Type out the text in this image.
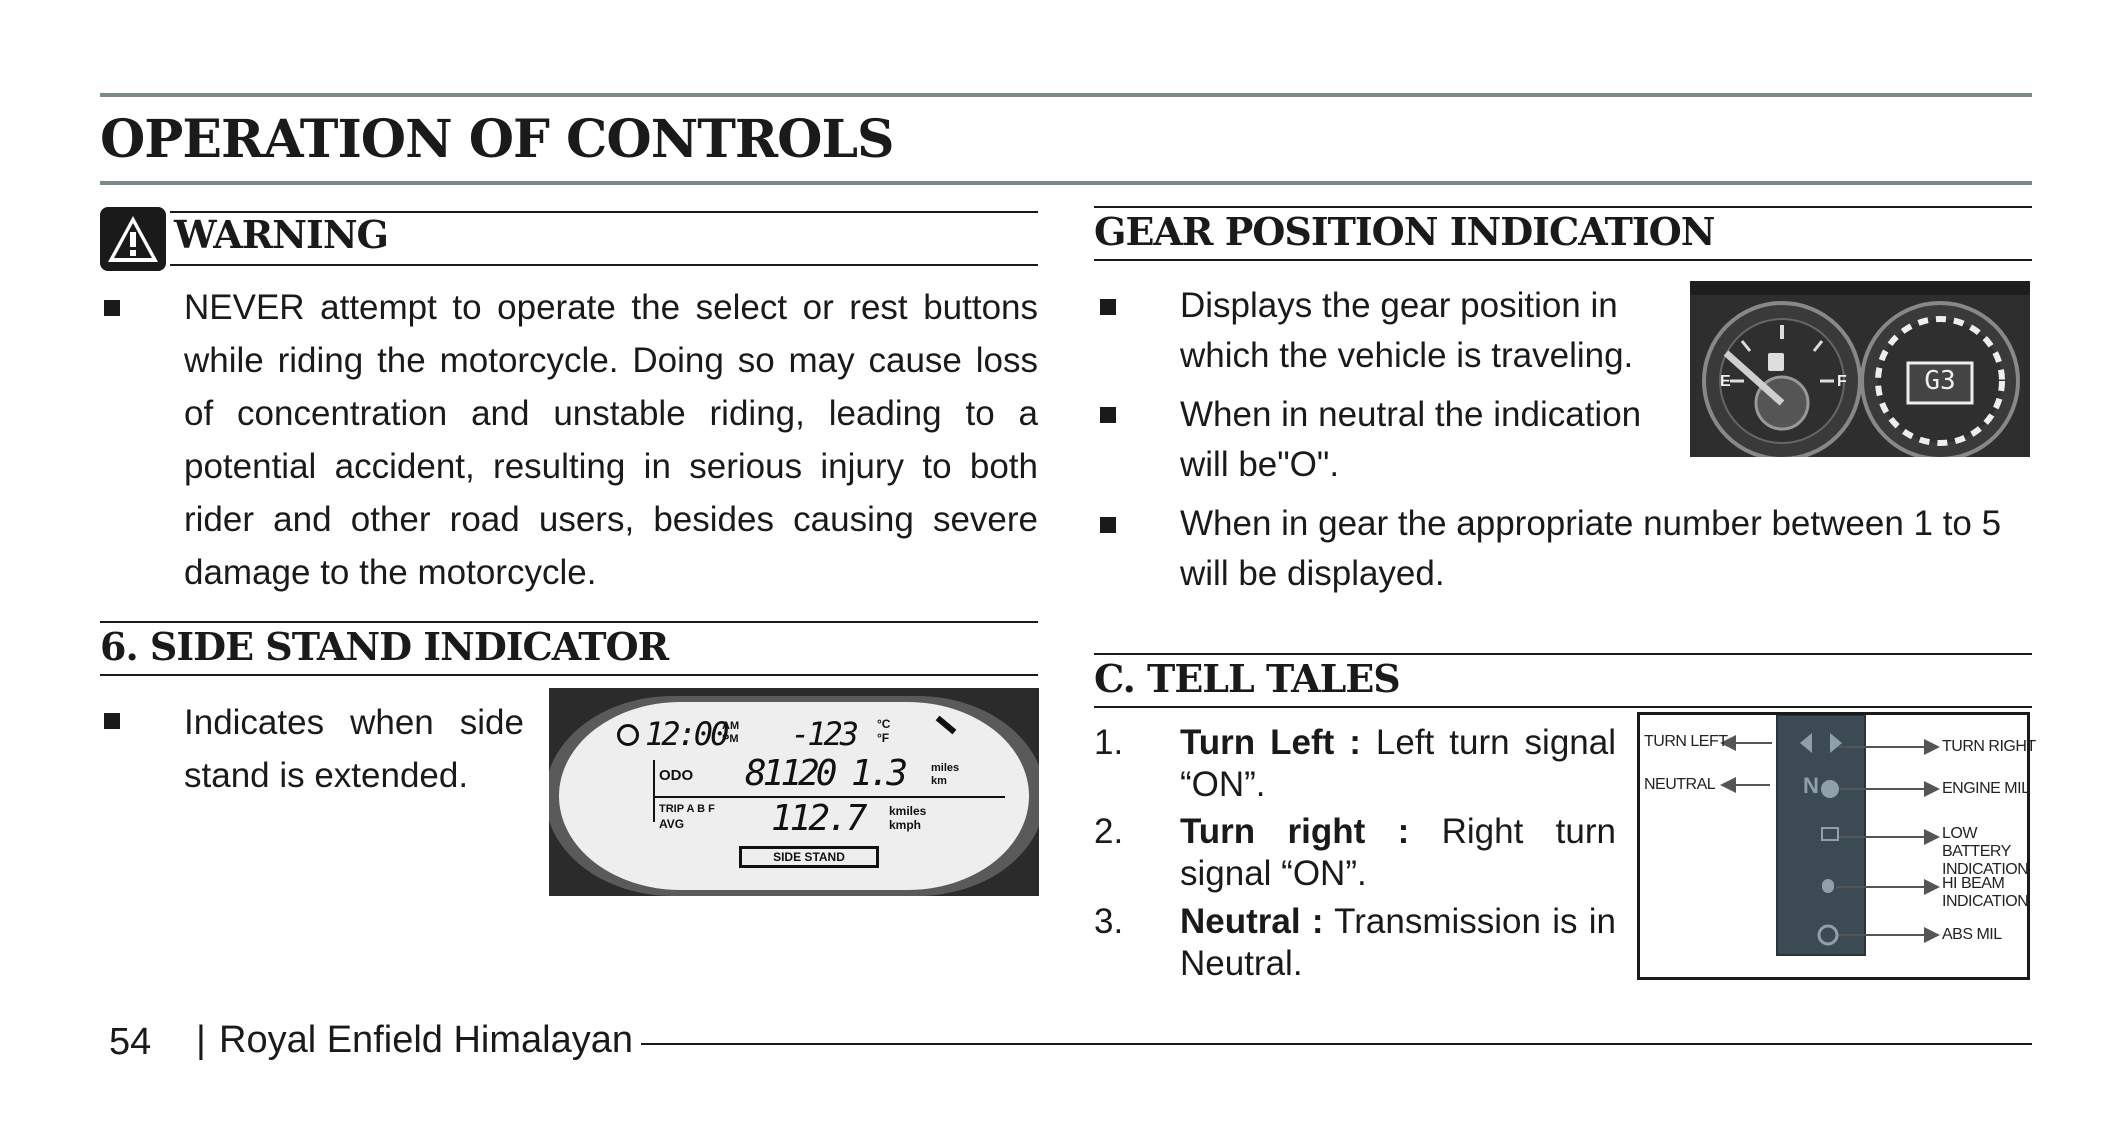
OPERATION OF CONTROLS
WARNING
NEVER attempt to operate the select or rest buttons while riding the motorcycle. Doing so may cause loss of concentration and unstable riding, leading to a potential accident, resulting in serious injury to both rider and other road users, besides causing severe damage to the motorcycle.
6. SIDE STAND INDICATOR
Indicates when side stand is extended.
12:00
AM
PM -123 °C
°F
ODO 81120 1.3 miles
km
TRIP A B F
AVG 112.7 kmiles
kmph
SIDE STAND
GEAR POSITION INDICATION
Displays the gear position in which the vehicle is traveling.
When in neutral the indication will be"O".
When in gear the appropriate number between 1 to 5 will be displayed.
E	F	G3
C. TELL TALES
1. Turn Left : Left turn signal “ON”.
2. Turn right : Right turn signal “ON”.
3. Neutral : Transmission is in Neutral.
N
TURN LEFT
NEUTRAL
TURN RIGHT
ENGINE MIL
LOW BATTERY INDICATION
HI BEAM INDICATION
ABS MIL
54 | Royal Enfield Himalayan
